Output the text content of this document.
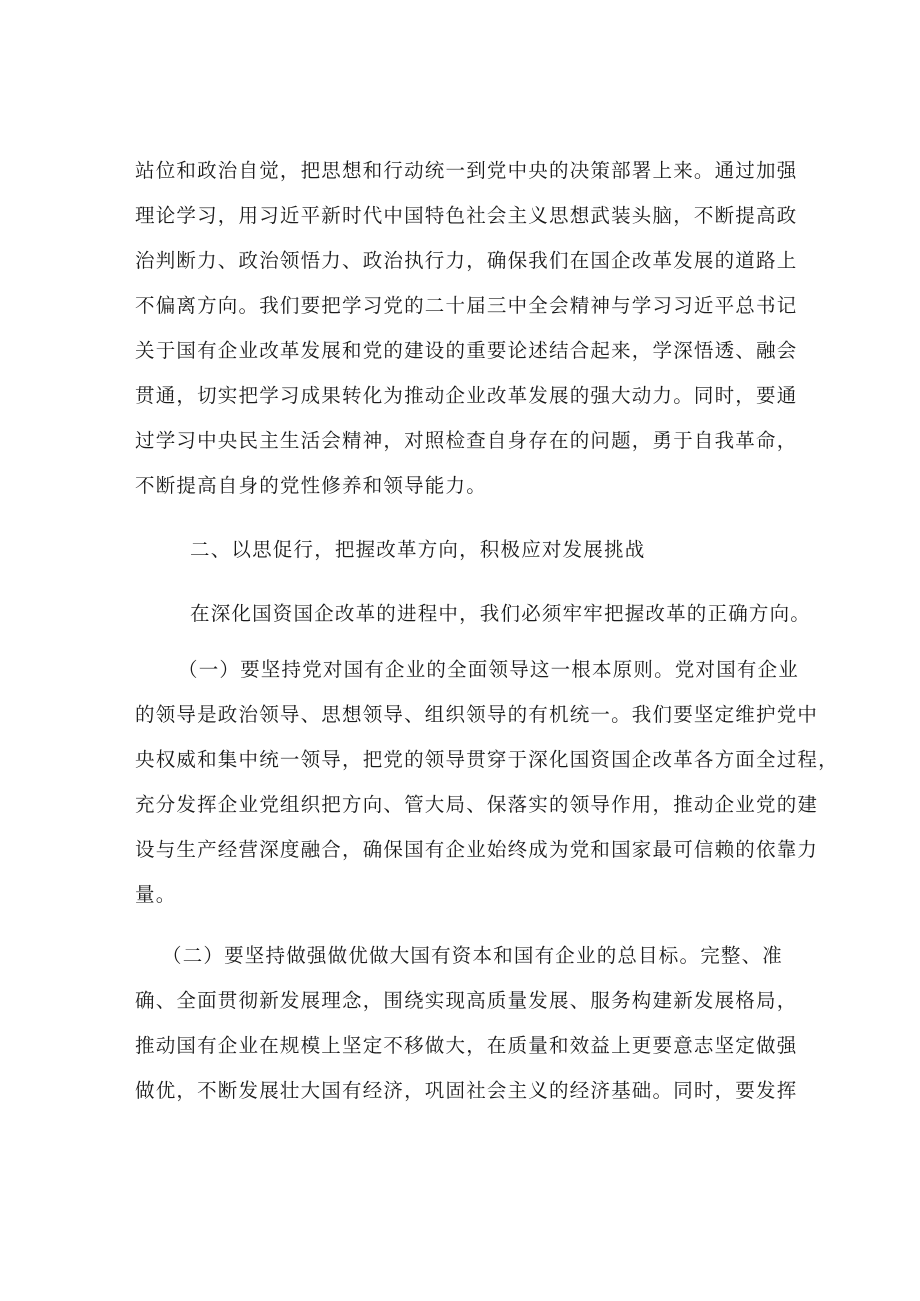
站位和政治自觉，把思想和行动统一到党中央的决策部署上来。通过加强
理论学习，用习近平新时代中国特色社会主义思想武装头脑，不断提高政
治判断力、政治领悟力、政治执行力，确保我们在国企改革发展的道路上
不偏离方向。我们要把学习党的二十届三中全会精神与学习习近平总书记
关于国有企业改革发展和党的建设的重要论述结合起来，学深悟透、融会
贯通，切实把学习成果转化为推动企业改革发展的强大动力。同时，要通
过学习中央民主生活会精神，对照检查自身存在的问题，勇于自我革命，
不断提高自身的党性修养和领导能力。
二、以思促行，把握改革方向，积极应对发展挑战
在深化国资国企改革的进程中，我们必须牢牢把握改革的正确方向。
（一）要坚持党对国有企业的全面领导这一根本原则。党对国有企业
的领导是政治领导、思想领导、组织领导的有机统一。我们要坚定维护党中
央权威和集中统一领导，把党的领导贯穿于深化国资国企改革各方面全过程，
充分发挥企业党组织把方向、管大局、保落实的领导作用，推动企业党的建
设与生产经营深度融合，确保国有企业始终成为党和国家最可信赖的依靠力
量。
（二）要坚持做强做优做大国有资本和国有企业的总目标。完整、准
确、全面贯彻新发展理念，围绕实现高质量发展、服务构建新发展格局，
推动国有企业在规模上坚定不移做大，在质量和效益上更要意志坚定做强
做优，不断发展壮大国有经济，巩固社会主义的经济基础。同时，要发挥
